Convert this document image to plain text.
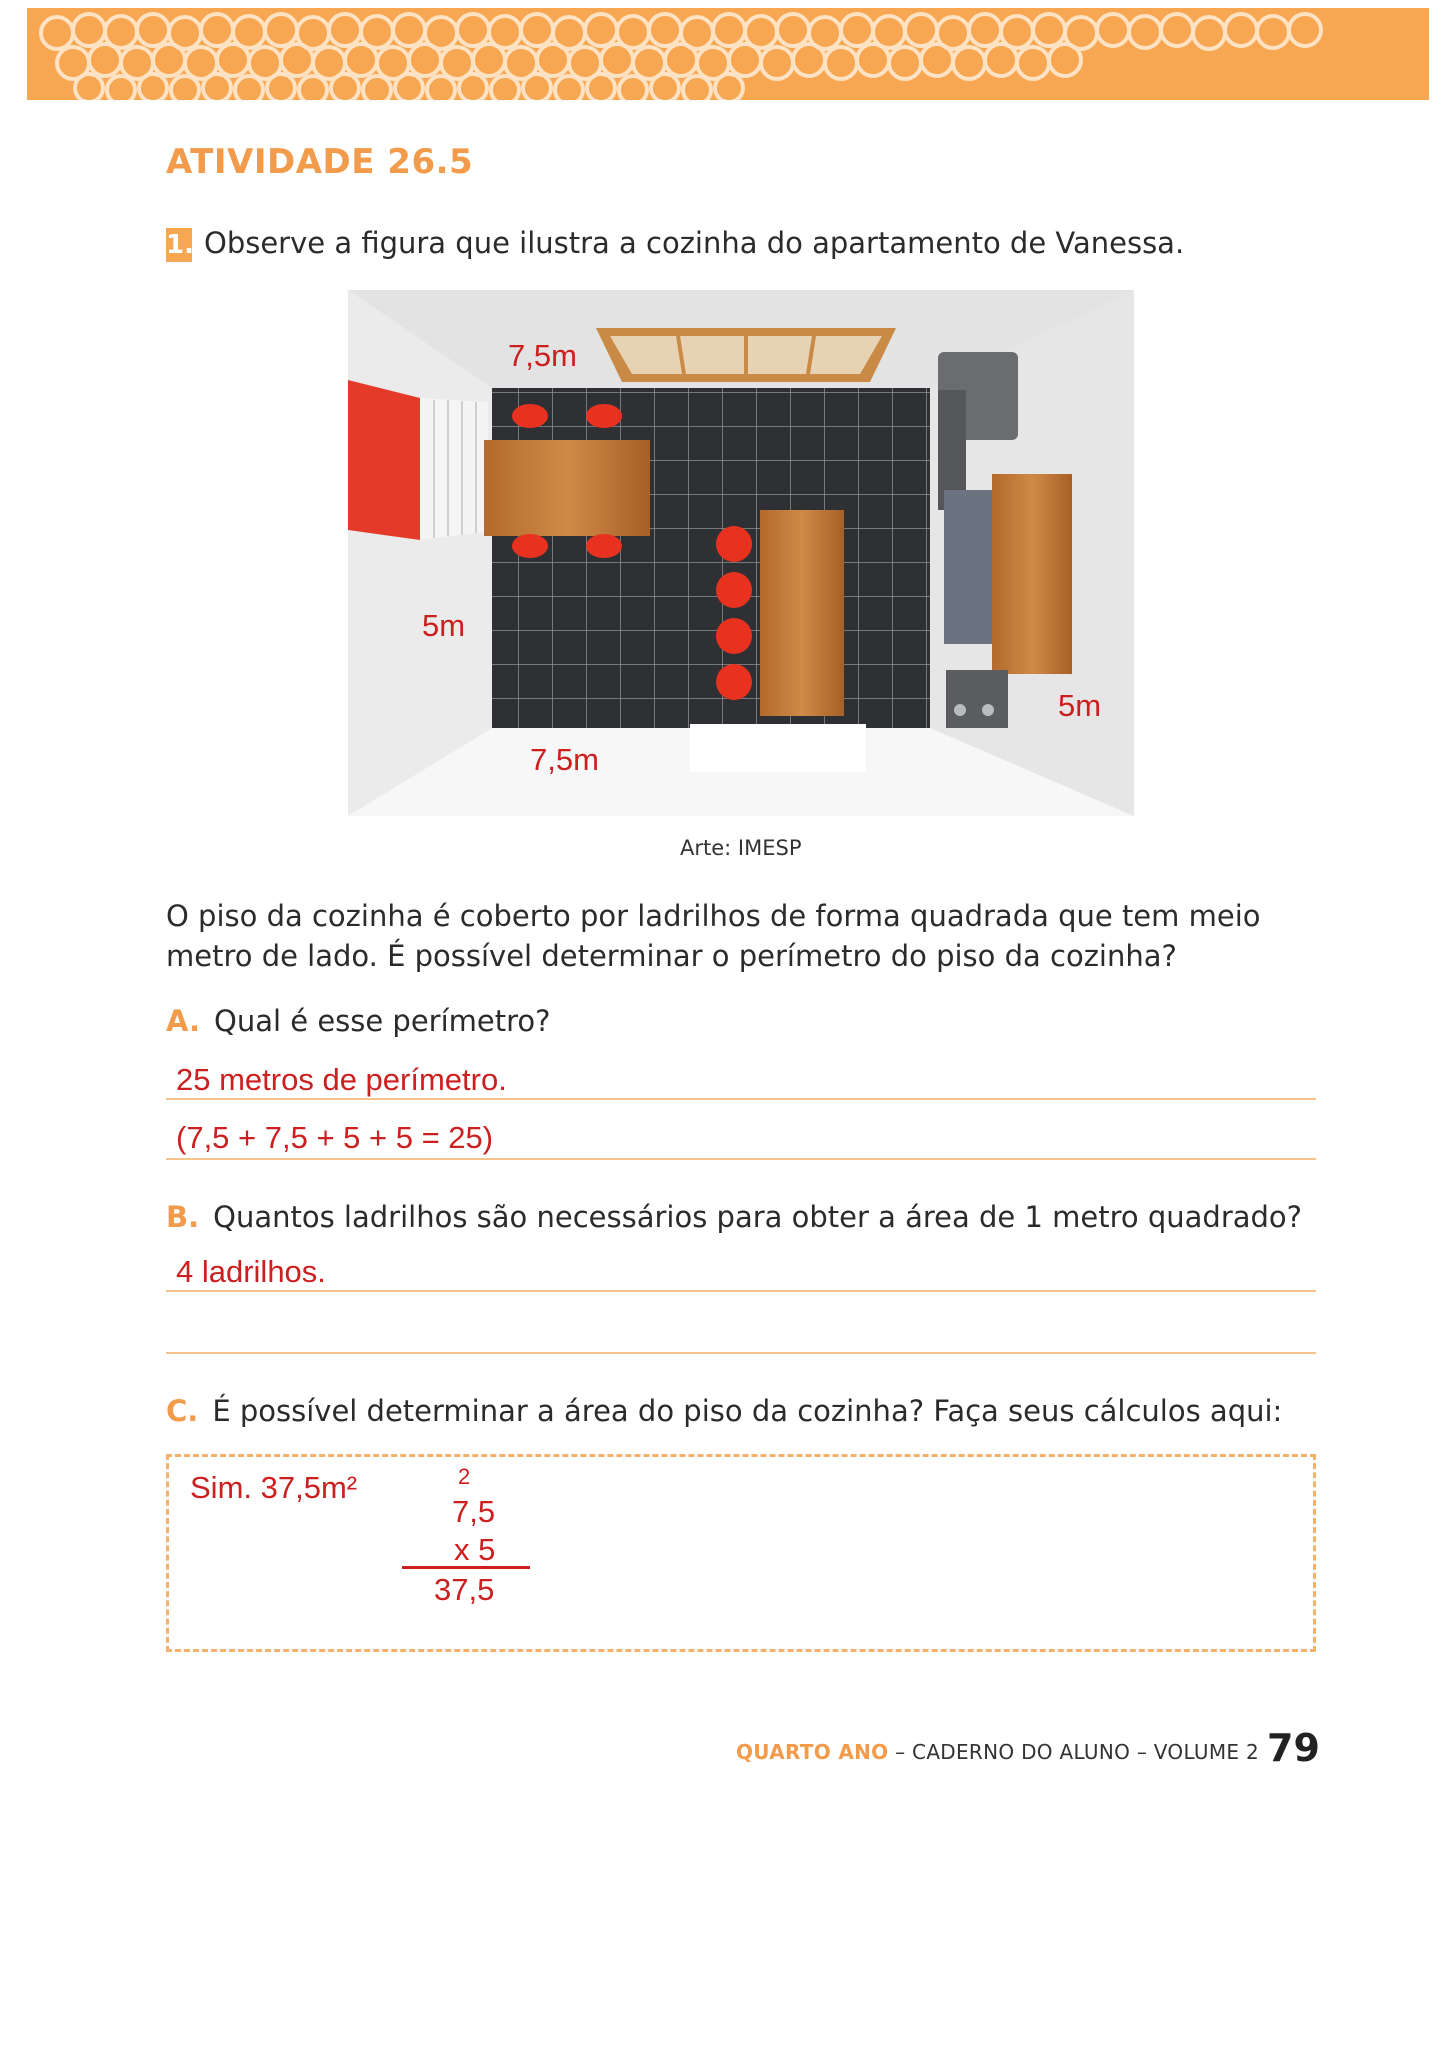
ATIVIDADE 26.5
1. Observe a figura que ilustra a cozinha do apartamento de Vanessa.
7,5m
5m
5m
7,5m
Arte: IMESP
O piso da cozinha é coberto por ladrilhos de forma quadrada que tem meio metro de lado. É possível determinar o perímetro do piso da cozinha?
A. Qual é esse perímetro?
25 metros de perímetro.
(7,5 + 7,5 + 5 + 5 = 25)
B. Quantos ladrilhos são necessários para obter a área de 1 metro quadrado?
4 ladrilhos.
C. É possível determinar a área do piso da cozinha? Faça seus cálculos aqui:
Sim. 37,5m²	2
7,5
x 5
37,5
QUARTO ANO – CADERNO DO ALUNO – VOLUME 2 79
